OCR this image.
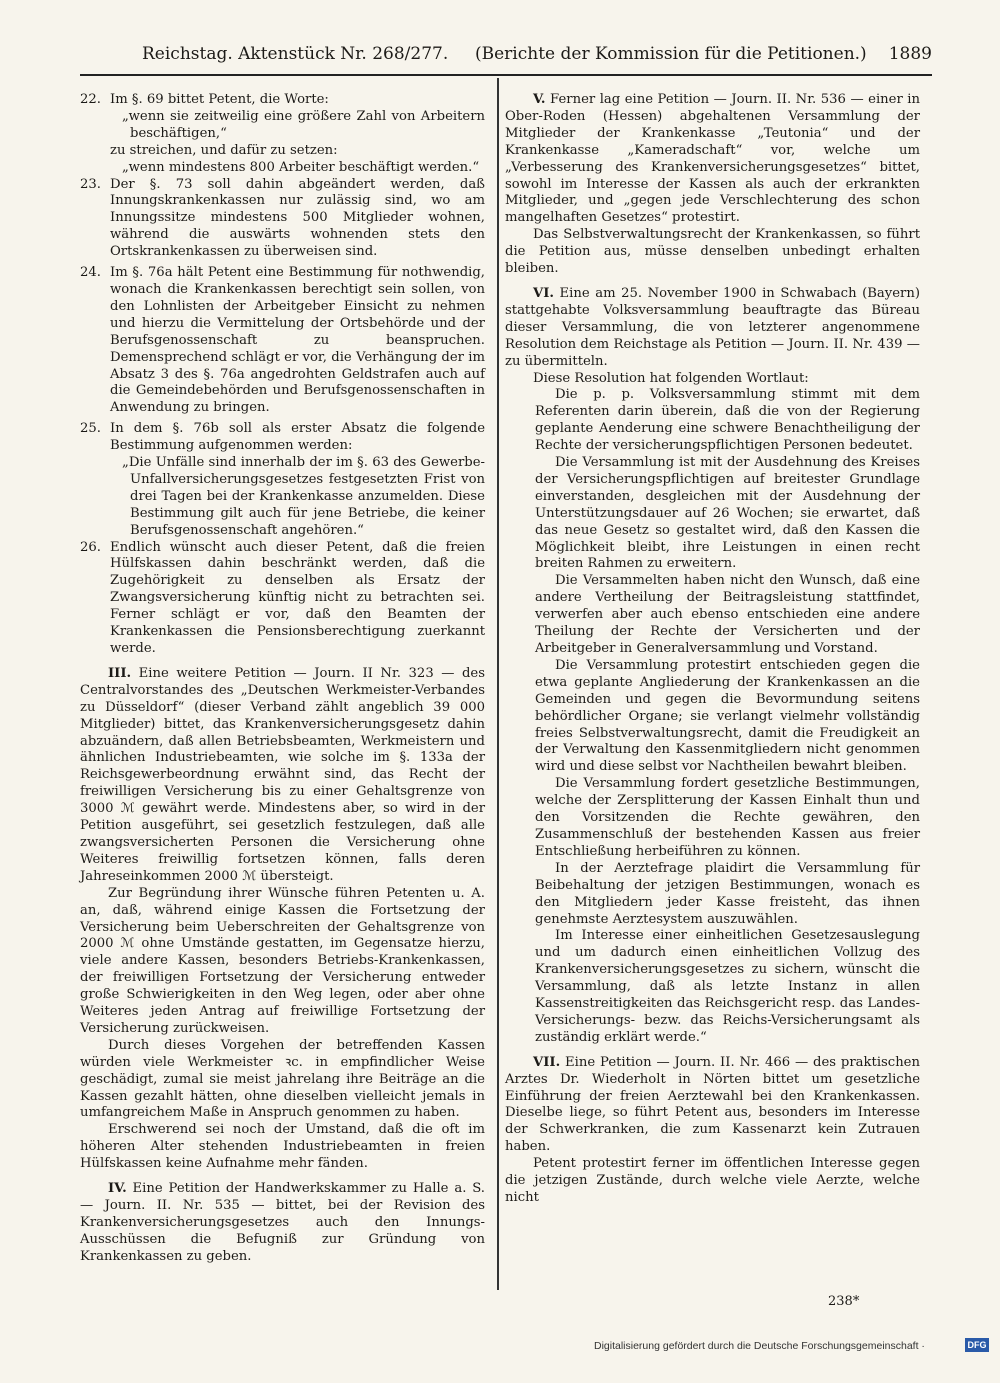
Reichstag. Aktenstück Nr. 268/277. (Berichte der Kommission für die Petitionen.) 1889

22. Im §. 69 bittet Petent, die Worte:

„wenn sie zeitweilig eine größere Zahl von Arbeitern beschäftigen,“

zu streichen, und dafür zu setzen:

„wenn mindestens 800 Arbeiter beschäftigt werden.“

23. Der §. 73 soll dahin abgeändert werden, daß Innungskrankenkassen nur zulässig sind, wo am Innungssitze mindestens 500 Mitglieder wohnen, während die auswärts wohnenden stets den Ortskrankenkassen zu überweisen sind.

24. Im §. 76a hält Petent eine Bestimmung für nothwendig, wonach die Krankenkassen berechtigt sein sollen, von den Lohnlisten der Arbeitgeber Einsicht zu nehmen und hierzu die Vermittelung der Ortsbehörde und der Berufsgenossenschaft zu beanspruchen. Demensprechend schlägt er vor, die Verhängung der im Absatz 3 des §. 76a angedrohten Geldstrafen auch auf die Gemeindebehörden und Berufsgenossenschaften in Anwendung zu bringen.

25. In dem §. 76b soll als erster Absatz die folgende Bestimmung aufgenommen werden:

„Die Unfälle sind innerhalb der im §. 63 des Gewerbe-Unfallversicherungsgesetzes festgesetzten Frist von drei Tagen bei der Krankenkasse anzumelden. Diese Bestimmung gilt auch für jene Betriebe, die keiner Berufsgenossenschaft angehören.“

26. Endlich wünscht auch dieser Petent, daß die freien Hülfskassen dahin beschränkt werden, daß die Zugehörigkeit zu denselben als Ersatz der Zwangsversicherung künftig nicht zu betrachten sei. Ferner schlägt er vor, daß den Beamten der Krankenkassen die Pensionsberechtigung zuerkannt werde.

III. Eine weitere Petition — Journ. II Nr. 323 — des Centralvorstandes des „Deutschen Werkmeister-Verbandes zu Düsseldorf“ (dieser Verband zählt angeblich 39 000 Mitglieder) bittet, das Krankenversicherungsgesetz dahin abzuändern, daß allen Betriebsbeamten, Werkmeistern und ähnlichen Industriebeamten, wie solche im §. 133a der Reichsgewerbeordnung erwähnt sind, das Recht der freiwilligen Versicherung bis zu einer Gehaltsgrenze von 3000 ℳ gewährt werde. Mindestens aber, so wird in der Petition ausgeführt, sei gesetzlich festzulegen, daß alle zwangsversicherten Personen die Versicherung ohne Weiteres freiwillig fortsetzen können, falls deren Jahreseinkommen 2000 ℳ übersteigt.

Zur Begründung ihrer Wünsche führen Petenten u. A. an, daß, während einige Kassen die Fortsetzung der Versicherung beim Ueberschreiten der Gehaltsgrenze von 2000 ℳ ohne Umstände gestatten, im Gegensatze hierzu, viele andere Kassen, besonders Betriebs-Krankenkassen, der freiwilligen Fortsetzung der Versicherung entweder große Schwierigkeiten in den Weg legen, oder aber ohne Weiteres jeden Antrag auf freiwillige Fortsetzung der Versicherung zurückweisen.

Durch dieses Vorgehen der betreffenden Kassen würden viele Werkmeister ꝛc. in empfindlicher Weise geschädigt, zumal sie meist jahrelang ihre Beiträge an die Kassen gezahlt hätten, ohne dieselben vielleicht jemals in umfangreichem Maße in Anspruch genommen zu haben.

Erschwerend sei noch der Umstand, daß die oft im höheren Alter stehenden Industriebeamten in freien Hülfskassen keine Aufnahme mehr fänden.

IV. Eine Petition der Handwerkskammer zu Halle a. S. — Journ. II. Nr. 535 — bittet, bei der Revision des Krankenversicherungsgesetzes auch den Innungs-Ausschüssen die Befugniß zur Gründung von Krankenkassen zu geben.

V. Ferner lag eine Petition — Journ. II. Nr. 536 — einer in Ober-Roden (Hessen) abgehaltenen Versammlung der Mitglieder der Krankenkasse „Teutonia“ und der Krankenkasse „Kameradschaft“ vor, welche um „Verbesserung des Krankenversicherungsgesetzes“ bittet, sowohl im Interesse der Kassen als auch der erkrankten Mitglieder, und „gegen jede Verschlechterung des schon mangelhaften Gesetzes“ protestirt.

Das Selbstverwaltungsrecht der Krankenkassen, so führt die Petition aus, müsse denselben unbedingt erhalten bleiben.

VI. Eine am 25. November 1900 in Schwabach (Bayern) stattgehabte Volksversammlung beauftragte das Büreau dieser Versammlung, die von letzterer angenommene Resolution dem Reichstage als Petition — Journ. II. Nr. 439 — zu übermitteln.

Diese Resolution hat folgenden Wortlaut:

Die p. p. Volksversammlung stimmt mit dem Referenten darin überein, daß die von der Regierung geplante Aenderung eine schwere Benachtheiligung der Rechte der versicherungspflichtigen Personen bedeutet.

Die Versammlung ist mit der Ausdehnung des Kreises der Versicherungspflichtigen auf breitester Grundlage einverstanden, desgleichen mit der Ausdehnung der Unterstützungsdauer auf 26 Wochen; sie erwartet, daß das neue Gesetz so gestaltet wird, daß den Kassen die Möglichkeit bleibt, ihre Leistungen in einen recht breiten Rahmen zu erweitern.

Die Versammelten haben nicht den Wunsch, daß eine andere Vertheilung der Beitragsleistung stattfindet, verwerfen aber auch ebenso entschieden eine andere Theilung der Rechte der Versicherten und der Arbeitgeber in Generalversammlung und Vorstand.

Die Versammlung protestirt entschieden gegen die etwa geplante Angliederung der Krankenkassen an die Gemeinden und gegen die Bevormundung seitens behördlicher Organe; sie verlangt vielmehr vollständig freies Selbstverwaltungsrecht, damit die Freudigkeit an der Verwaltung den Kassenmitgliedern nicht genommen wird und diese selbst vor Nachtheilen bewahrt bleiben.

Die Versammlung fordert gesetzliche Bestimmungen, welche der Zersplitterung der Kassen Einhalt thun und den Vorsitzenden die Rechte gewähren, den Zusammenschluß der bestehenden Kassen aus freier Entschließung herbeiführen zu können.

In der Aerztefrage plaidirt die Versammlung für Beibehaltung der jetzigen Bestimmungen, wonach es den Mitgliedern jeder Kasse freisteht, das ihnen genehmste Aerztesystem auszuwählen.

Im Interesse einer einheitlichen Gesetzesauslegung und um dadurch einen einheitlichen Vollzug des Krankenversicherungsgesetzes zu sichern, wünscht die Versammlung, daß als letzte Instanz in allen Kassenstreitigkeiten das Reichsgericht resp. das Landes-Versicherungs- bezw. das Reichs-Versicherungsamt als zuständig erklärt werde.“

VII. Eine Petition — Journ. II. Nr. 466 — des praktischen Arztes Dr. Wiederholt in Nörten bittet um gesetzliche Einführung der freien Aerztewahl bei den Krankenkassen. Dieselbe liege, so führt Petent aus, besonders im Interesse der Schwerkranken, die zum Kassenarzt kein Zutrauen haben.

Petent protestirt ferner im öffentlichen Interesse gegen die jetzigen Zustände, durch welche viele Aerzte, welche nicht

238*
Digitalisierung gefördert durch die Deutsche Forschungsgemeinschaft ·	DFG
